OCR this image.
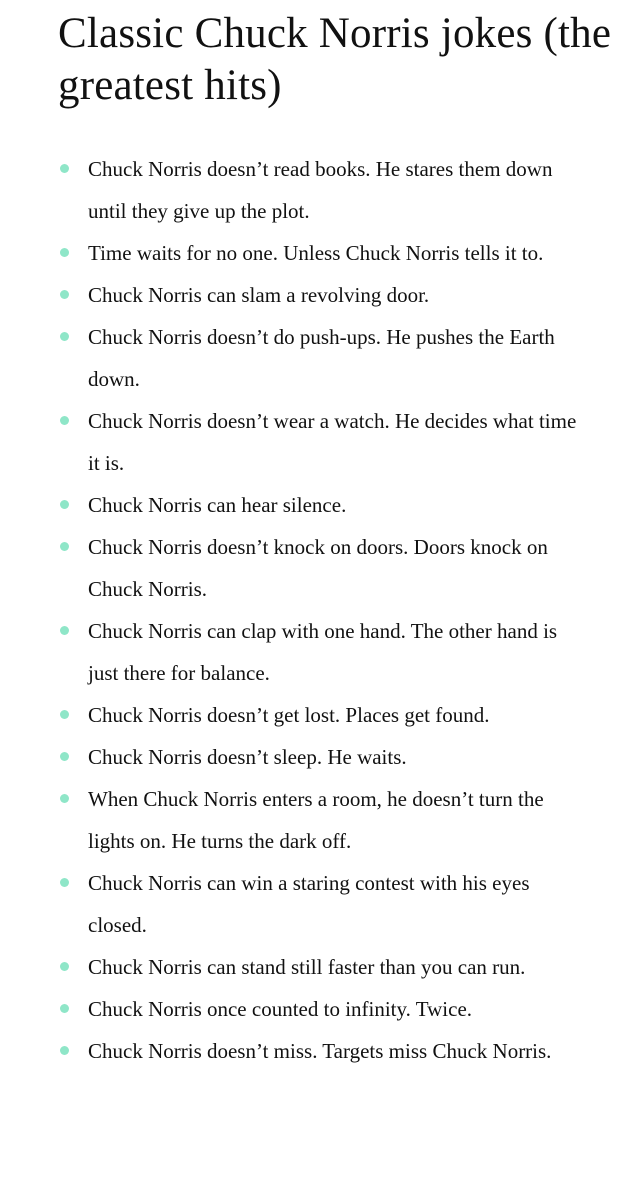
Classic Chuck Norris jokes (the greatest hits)
Chuck Norris doesn’t read books. He stares them down until they give up the plot.
Time waits for no one. Unless Chuck Norris tells it to.
Chuck Norris can slam a revolving door.
Chuck Norris doesn’t do push-ups. He pushes the Earth down.
Chuck Norris doesn’t wear a watch. He decides what time it is.
Chuck Norris can hear silence.
Chuck Norris doesn’t knock on doors. Doors knock on Chuck Norris.
Chuck Norris can clap with one hand. The other hand is just there for balance.
Chuck Norris doesn’t get lost. Places get found.
Chuck Norris doesn’t sleep. He waits.
When Chuck Norris enters a room, he doesn’t turn the lights on. He turns the dark off.
Chuck Norris can win a staring contest with his eyes closed.
Chuck Norris can stand still faster than you can run.
Chuck Norris once counted to infinity. Twice.
Chuck Norris doesn’t miss. Targets miss Chuck Norris.
